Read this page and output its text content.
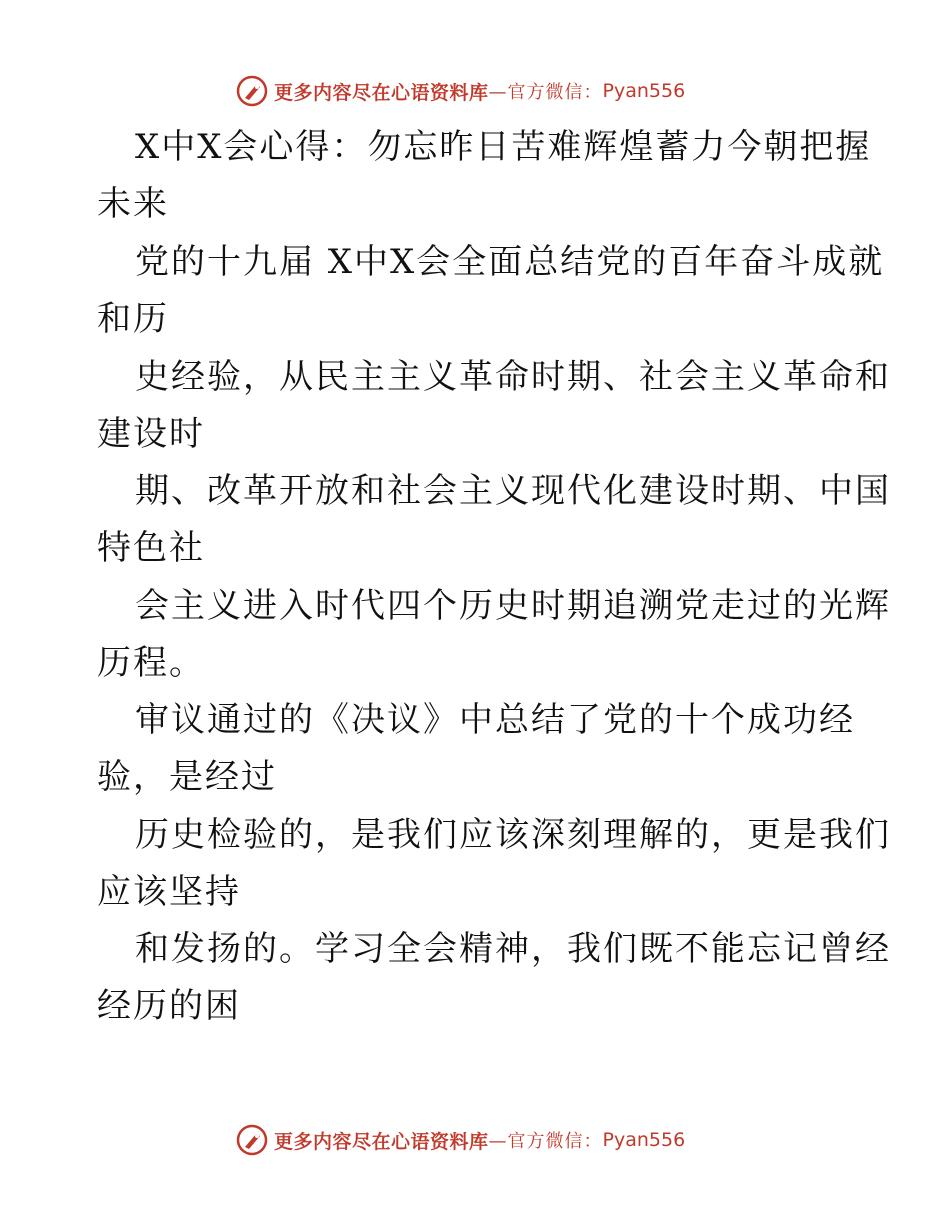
更多内容尽在心语资料库 —官方微信： Pyan556
X中X会心得：勿忘昨日苦难辉煌蓄力今朝把握
未来
党的十九届 X中X会全面总结党的百年奋斗成就
和历
史经验，从民主主义革命时期、社会主义革命和
建设时
期、改革开放和社会主义现代化建设时期、中国
特色社
会主义进入时代四个历史时期追溯党走过的光辉
历程。
审议通过的《决议》中总结了党的十个成功经
验，是经过
历史检验的，是我们应该深刻理解的，更是我们
应该坚持
和发扬的。学习全会精神，我们既不能忘记曾经
经历的困
更多内容尽在心语资料库 —官方微信： Pyan556
